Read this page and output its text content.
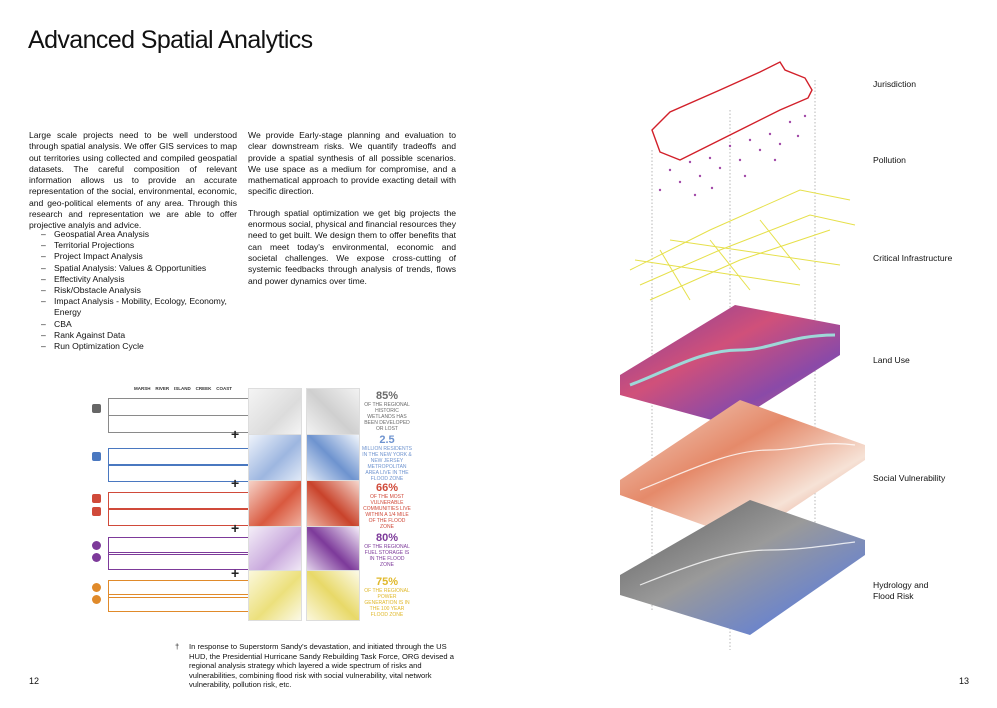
Advanced Spatial Analytics

Large scale projects need to be well understood through spatial analysis. We offer GIS services to map out territories using collected and compiled geospatial datasets. The careful composition of relevant information allows us to provide an accurate representation of the social, environmental, economic, and geo-political elements of any area. Through this research and representation we are able to offer projective analyis and advice.

– Geospatial Area Analysis
– Territorial Projections
– Project Impact Analysis
– Spatial Analysis: Values & Opportunities
– Effectivity Analysis
– Risk/Obstacle Analysis
– Impact Analysis - Mobility, Ecology, Economy, Energy
– CBA
– Rank Against Data
– Run Optimization Cycle

We provide Early-stage planning and evaluation to clear downstream risks. We quantify tradeoffs and provide a spatial synthesis of all possible scenarios. We use space as a medium for compromise, and a mathematical approach to provide exacting detail with specific direction.

Through spatial optimization we get big projects the enormous social, physical and financial resources they need to get built. We design them to offer benefits that can meet today's environmental, economic and societal challenges. We expose cross-cutting of systemic feedbacks through analysis of trends, flows and power dynamics over time.

MARSH RIVER ISLAND CREEK COAST
+
+
+
+
85%
OF THE REGIONAL HISTORIC WETLANDS HAS BEEN DEVELOPED OR LOST
2.5
MILLION RESIDENTS IN THE NEW YORK & NEW JERSEY METROPOLITAN AREA LIVE IN THE FLOOD ZONE
66%
OF THE MOST VULNERABLE COMMUNITIES LIVE WITHIN A 1/4 MILE OF THE FLOOD ZONE
80%
OF THE REGIONAL FUEL STORAGE IS IN THE FLOOD ZONE
75%
OF THE REGIONAL POWER GENERATION IS IN THE 100 YEAR FLOOD ZONE
†	In response to Superstorm Sandy's devastation, and initiated through the US HUD, the Presidential Hurricane Sandy Rebuilding Task Force, ORG devised a regional analysis strategy which layered a wide spectrum of risks and vulnerabilities, combining flood risk with social vulnerability, vital network vulnerability, pollution risk, etc.
12	13
Jurisdiction
Pollution
Critical Infrastructure
Land Use
Social Vulnerability
Hydrology and Flood Risk
